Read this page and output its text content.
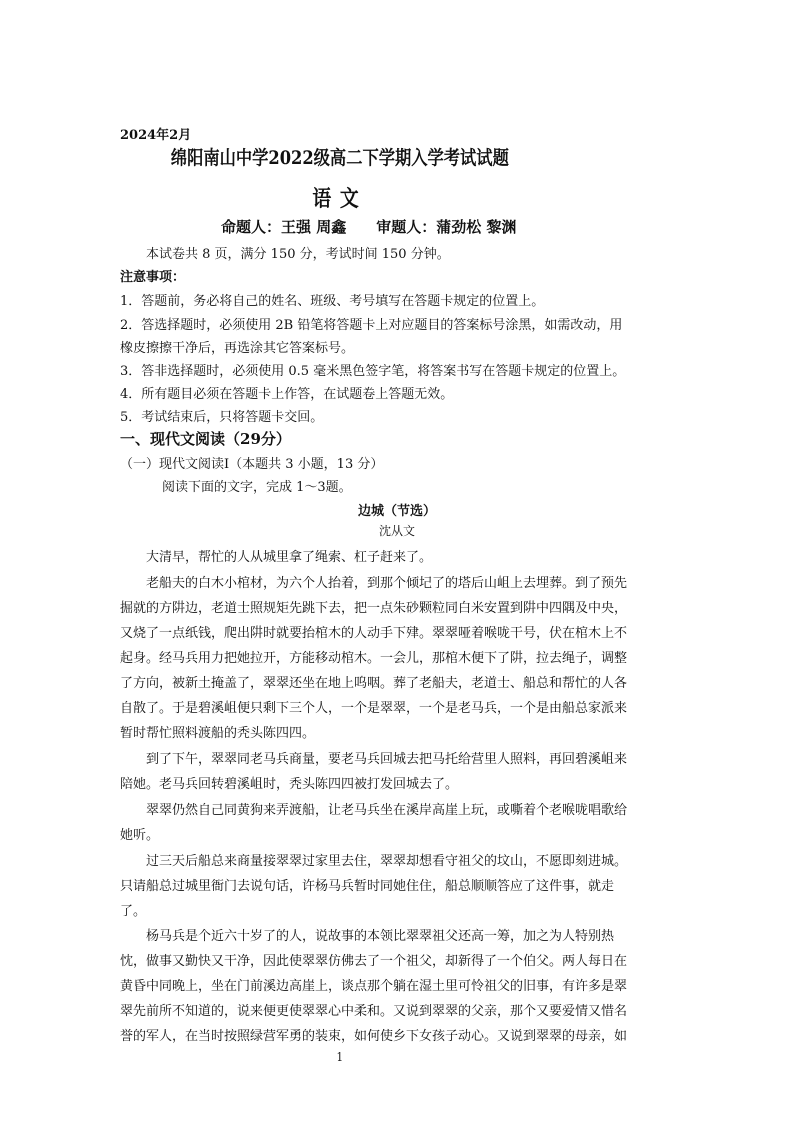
2024年2月
绵阳南山中学2022级高二下学期入学考试试题
语文
命题人：王强 周鑫　　审题人：蒲劲松 黎渊
本试卷共 8 页，满分 150 分，考试时间 150 分钟。
注意事项：
1．答题前，务必将自己的姓名、班级、考号填写在答题卡规定的位置上。
2．答选择题时，必须使用 2B 铅笔将答题卡上对应题目的答案标号涂黑，如需改动，用
橡皮擦擦干净后，再选涂其它答案标号。
3．答非选择题时，必须使用 0.5 毫米黑色签字笔，将答案书写在答题卡规定的位置上。
4．所有题目必须在答题卡上作答，在试题卷上答题无效。
5．考试结束后，只将答题卡交回。
一、现代文阅读（29分）
（一）现代文阅读Ⅰ（本题共 3 小题，13 分）
阅读下面的文字，完成 1～3题。
边城（节选）
沈从文
大清早，帮忙的人从城里拿了绳索、杠子赶来了。
老船夫的白木小棺材，为六个人抬着，到那个倾圮了的塔后山岨上去埋葬。到了预先
掘就的方阱边，老道士照规矩先跳下去，把一点朱砂颗粒同白米安置到阱中四隅及中央，
又烧了一点纸钱，爬出阱时就要抬棺木的人动手下肂。翠翠哑着喉咙干号，伏在棺木上不
起身。经马兵用力把她拉开，方能移动棺木。一会儿，那棺木便下了阱，拉去绳子，调整
了方向，被新土掩盖了，翠翠还坐在地上呜咽。葬了老船夫，老道士、船总和帮忙的人各
自散了。于是碧溪岨便只剩下三个人，一个是翠翠，一个是老马兵，一个是由船总家派来
暂时帮忙照料渡船的秃头陈四四。
到了下午，翠翠同老马兵商量，要老马兵回城去把马托给营里人照料，再回碧溪岨来
陪她。老马兵回转碧溪岨时，秃头陈四四被打发回城去了。
翠翠仍然自己同黄狗来弄渡船，让老马兵坐在溪岸高崖上玩，或嘶着个老喉咙唱歌给
她听。
过三天后船总来商量接翠翠过家里去住，翠翠却想看守祖父的坟山，不愿即刻进城。
只请船总过城里衙门去说句话，许杨马兵暂时同她住住，船总顺顺答应了这件事，就走
了。
杨马兵是个近六十岁了的人，说故事的本领比翠翠祖父还高一筹，加之为人特别热
忱，做事又勤快又干净，因此使翠翠仿佛去了一个祖父，却新得了一个伯父。两人每日在
黄昏中同晚上，坐在门前溪边高崖上，谈点那个躺在湿土里可怜祖父的旧事，有许多是翠
翠先前所不知道的，说来便更使翠翠心中柔和。又说到翠翠的父亲，那个又要爱情又惜名
誉的军人，在当时按照绿营军勇的装束，如何使乡下女孩子动心。又说到翠翠的母亲，如
1
